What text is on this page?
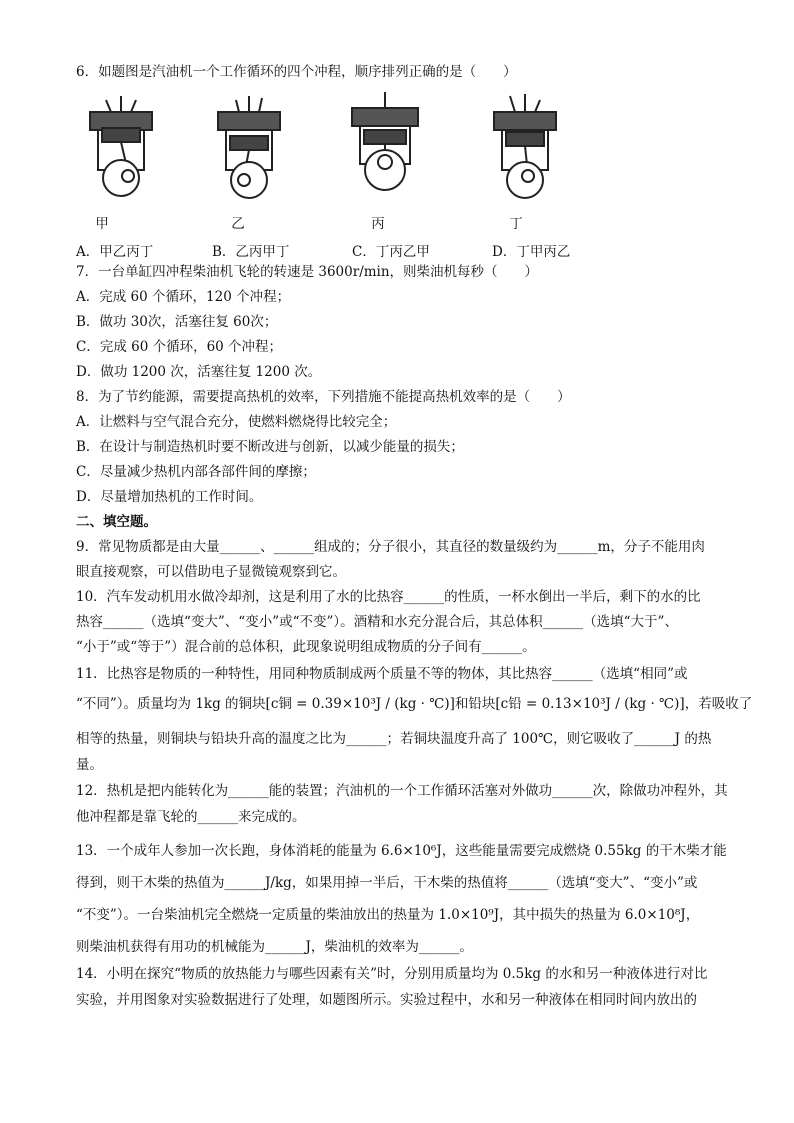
6．如题图是汽油机一个工作循环的四个冲程，顺序排列正确的是（　　）
甲	乙	丙	丁
A．甲乙丙丁	B．乙丙甲丁	C．丁丙乙甲	D．丁甲丙乙
7．一台单缸四冲程柴油机飞轮的转速是 3600r/min，则柴油机每秒（　　）
A．完成 60 个循环，120 个冲程；
B．做功 30次，活塞往复 60次；
C．完成 60 个循环，60 个冲程；
D．做功 1200 次，活塞往复 1200 次。
8．为了节约能源，需要提高热机的效率，下列措施不能提高热机效率的是（　　）
A．让燃料与空气混合充分，使燃料燃烧得比较完全；
B．在设计与制造热机时要不断改进与创新，以减少能量的损失；
C．尽量减少热机内部各部件间的摩擦；
D．尽量增加热机的工作时间。
二、填空题。
9．常见物质都是由大量______、______组成的；分子很小，其直径的数量级约为______m，分子不能用肉
眼直接观察，可以借助电子显微镜观察到它。
10．汽车发动机用水做冷却剂，这是利用了水的比热容______的性质，一杯水倒出一半后，剩下的水的比
热容______（选填“变大”、“变小”或“不变”）。酒精和水充分混合后，其总体积______（选填“大于”、
“小于”或“等于”）混合前的总体积，此现象说明组成物质的分子间有______。
11．比热容是物质的一种特性，用同种物质制成两个质量不等的物体，其比热容______（选填“相同”或
“不同”）。质量均为 1kg 的铜块[c铜 = 0.39×10³J / (kg · ℃)]和铅块[c铅 = 0.13×10³J / (kg · ℃)]，若吸收了
相等的热量，则铜块与铅块升高的温度之比为______；若铜块温度升高了 100℃，则它吸收了______J 的热
量。
12．热机是把内能转化为______能的装置；汽油机的一个工作循环活塞对外做功______次，除做功冲程外，其
他冲程都是靠飞轮的______来完成的。
13．一个成年人参加一次长跑，身体消耗的能量为 6.6×10⁶J，这些能量需要完成燃烧 0.55kg 的干木柴才能
得到，则干木柴的热值为______J/kg，如果用掉一半后，干木柴的热值将______（选填“变大”、“变小”或
“不变”）。一台柴油机完全燃烧一定质量的柴油放出的热量为 1.0×10⁹J，其中损失的热量为 6.0×10⁸J，
则柴油机获得有用功的机械能为______J，柴油机的效率为______。
14．小明在探究“物质的放热能力与哪些因素有关”时，分别用质量均为 0.5kg 的水和另一种液体进行对比
实验，并用图象对实验数据进行了处理，如题图所示。实验过程中，水和另一种液体在相同时间内放出的
